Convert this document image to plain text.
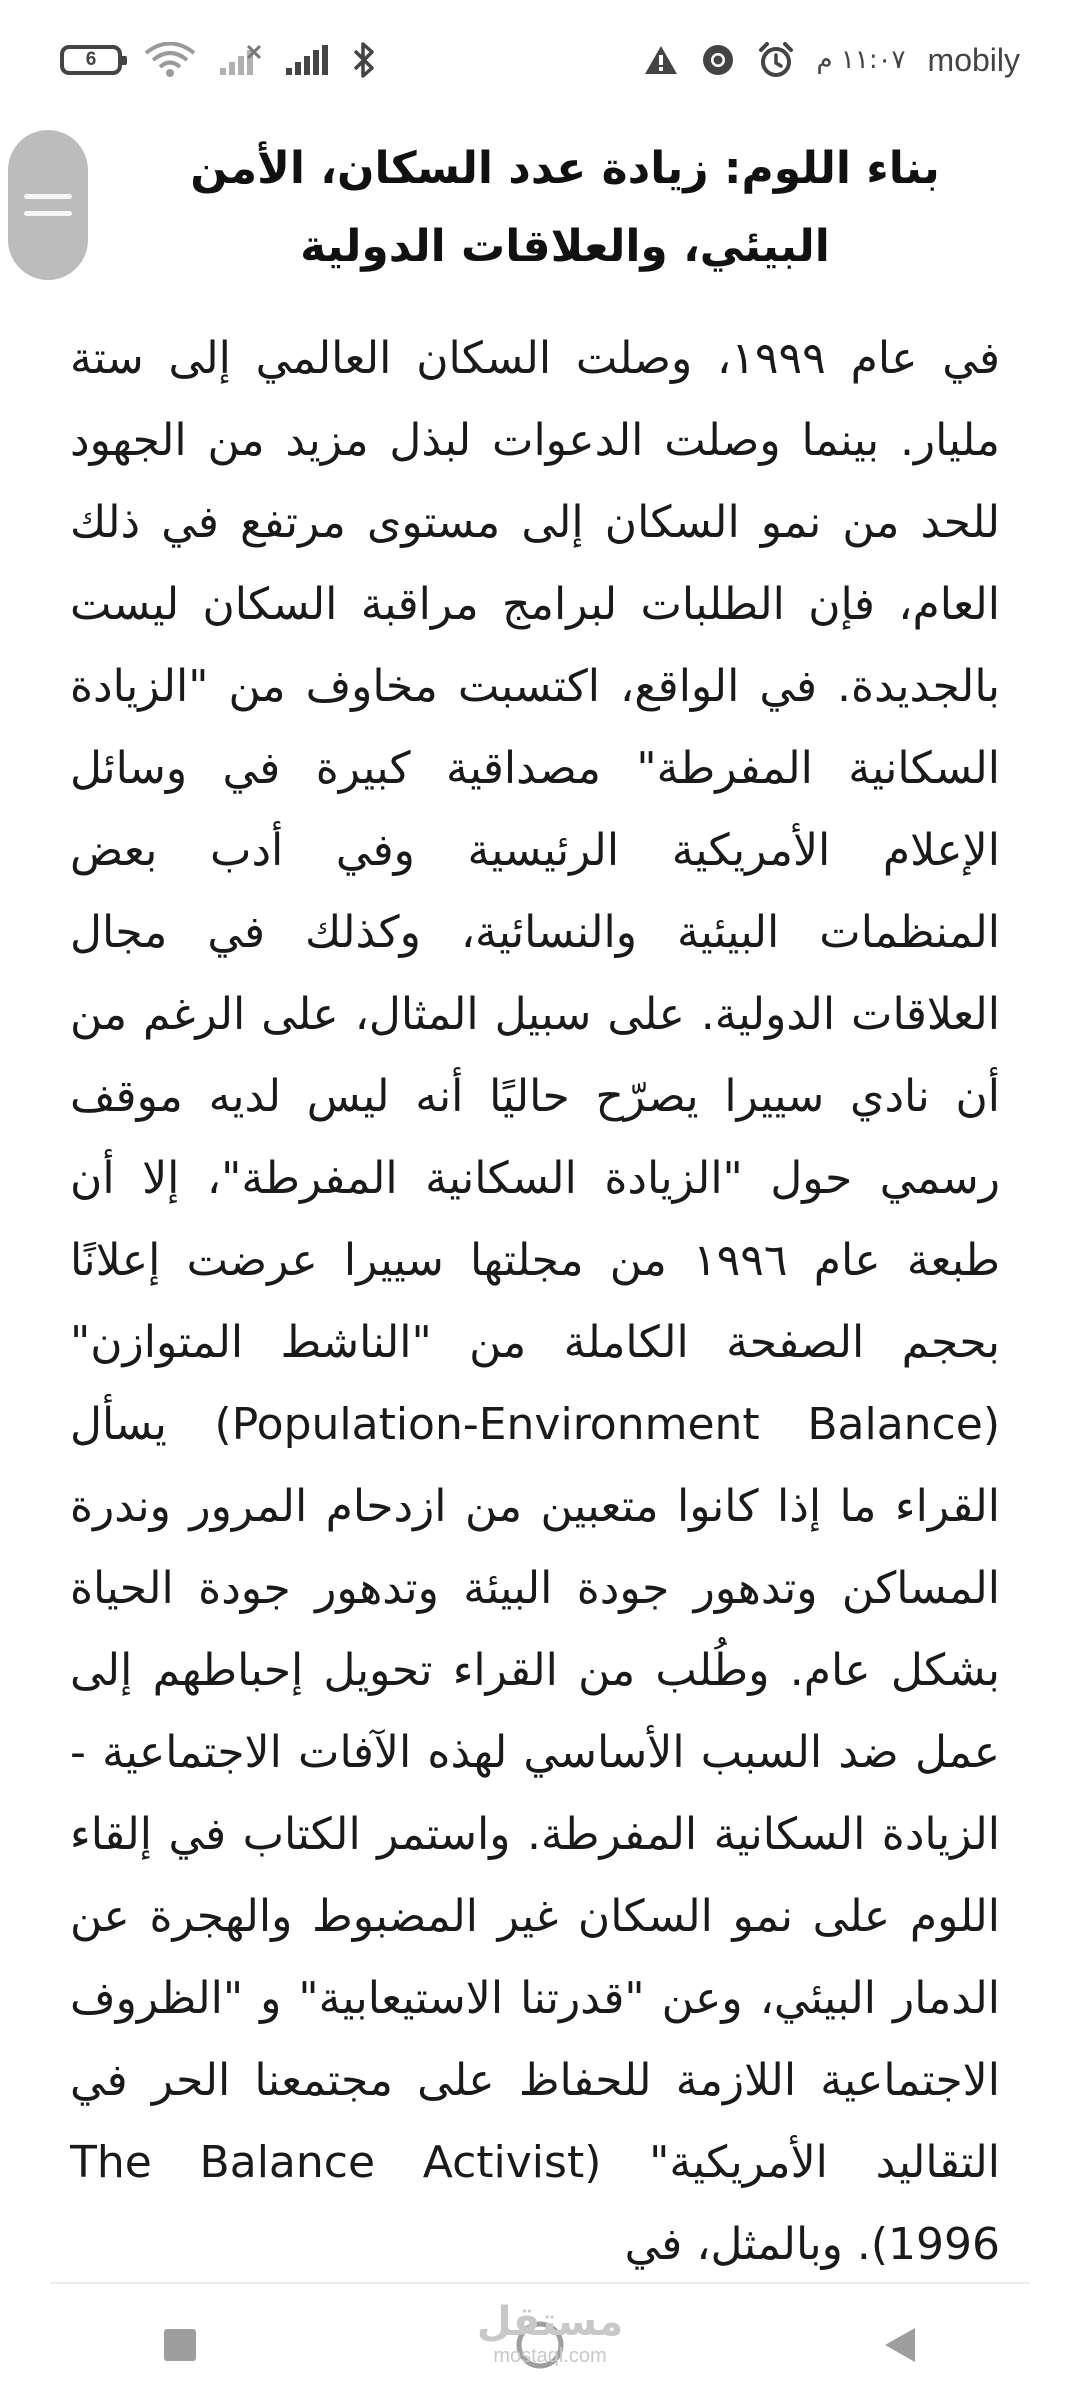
6	١١:٠٧ م mobily
بناء اللوم: زيادة عدد السكان، الأمن البيئي، والعلاقات الدولية

في عام ١٩٩٩، وصلت السكان العالمي إلى ستة مليار. بينما وصلت الدعوات لبذل مزيد من الجهود للحد من نمو السكان إلى مستوى مرتفع في ذلك العام، فإن الطلبات لبرامج مراقبة السكان ليست بالجديدة. في الواقع، اكتسبت مخاوف من "الزيادة السكانية المفرطة" مصداقية كبيرة في وسائل الإعلام الأمريكية الرئيسية وفي أدب بعض المنظمات البيئية والنسائية، وكذلك في مجال العلاقات الدولية. على سبيل المثال، على الرغم من أن نادي سييرا يصرّح حاليًا أنه ليس لديه موقف رسمي حول "الزيادة السكانية المفرطة"، إلا أن طبعة عام ١٩٩٦ من مجلتها سييرا عرضت إعلانًا بحجم الصفحة الكاملة من "الناشط المتوازن" (Population-Environment Balance) يسأل القراء ما إذا كانوا متعبين من ازدحام المرور وندرة المساكن وتدهور جودة البيئة وتدهور جودة الحياة بشكل عام. وطُلب من القراء تحويل إحباطهم إلى عمل ضد السبب الأساسي لهذه الآفات الاجتماعية - الزيادة السكانية المفرطة. واستمر الكتاب في إلقاء اللوم على نمو السكان غير المضبوط والهجرة عن الدمار البيئي، وعن "قدرتنا الاستيعابية" و "الظروف الاجتماعية اللازمة للحفاظ على مجتمعنا الحر في التقاليد الأمريكية" (The Balance Activist 1996). وبالمثل، في

مستقل
mostaql.com
